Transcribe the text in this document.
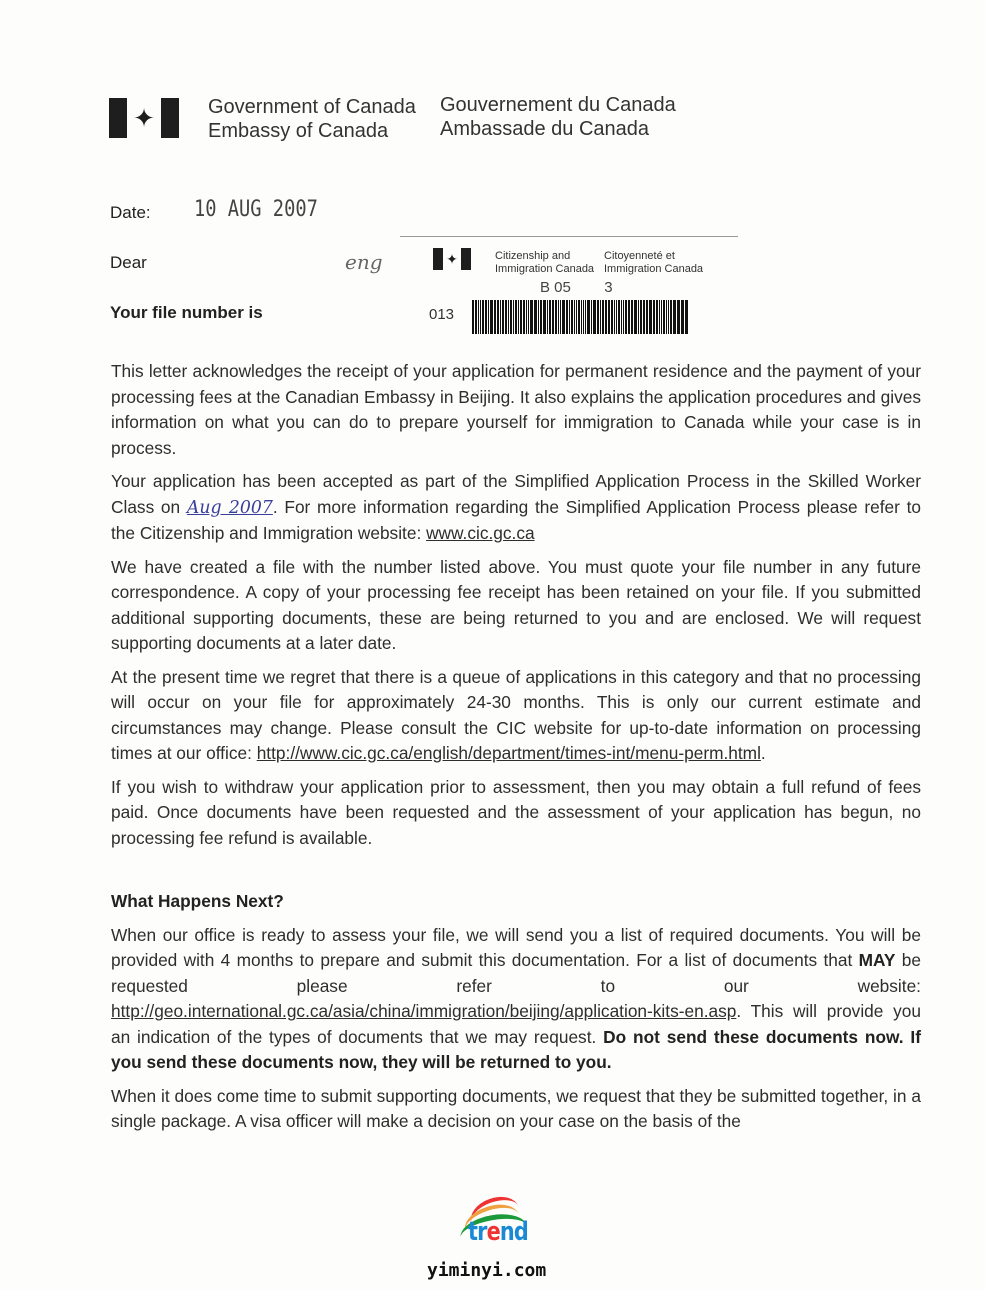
✦	Government of Canada
Embassy of Canada
Gouvernement du Canada
Ambassade du Canada
Date: 10 AUG 2007
Dear	eng
Your file number is
✦	Citizenship and Immigration Canada
Citoyenneté et Immigration Canada
B 05        3
013

This letter acknowledges the receipt of your application for permanent residence and the payment of your processing fees at the Canadian Embassy in Beijing. It also explains the application procedures and gives information on what you can do to prepare yourself for immigration to Canada while your case is in process.

Your application has been accepted as part of the Simplified Application Process in the Skilled Worker Class on Aug 2007. For more information regarding the Simplified Application Process please refer to the Citizenship and Immigration website: www.cic.gc.ca

We have created a file with the number listed above. You must quote your file number in any future correspondence. A copy of your processing fee receipt has been retained on your file. If you submitted additional supporting documents, these are being returned to you and are enclosed. We will request supporting documents at a later date.

At the present time we regret that there is a queue of applications in this category and that no processing will occur on your file for approximately 24-30 months. This is only our current estimate and circumstances may change. Please consult the CIC website for up-to-date information on processing times at our office: http://www.cic.gc.ca/english/department/times-int/menu-perm.html.

If you wish to withdraw your application prior to assessment, then you may obtain a full refund of fees paid. Once documents have been requested and the assessment of your application has begun, no processing fee refund is available.

What Happens Next?

When our office is ready to assess your file, we will send you a list of required documents. You will be provided with 4 months to prepare and submit this documentation. For a list of documents that MAY be requested please refer to our website: http://geo.international.gc.ca/asia/china/immigration/beijing/application-kits-en.asp. This will provide you an indication of the types of documents that we may request. Do not send these documents now. If you send these documents now, they will be returned to you.

When it does come time to submit supporting documents, we request that they be submitted together, in a single package. A visa officer will make a decision on your case on the basis of the

trend
yiminyi.com
